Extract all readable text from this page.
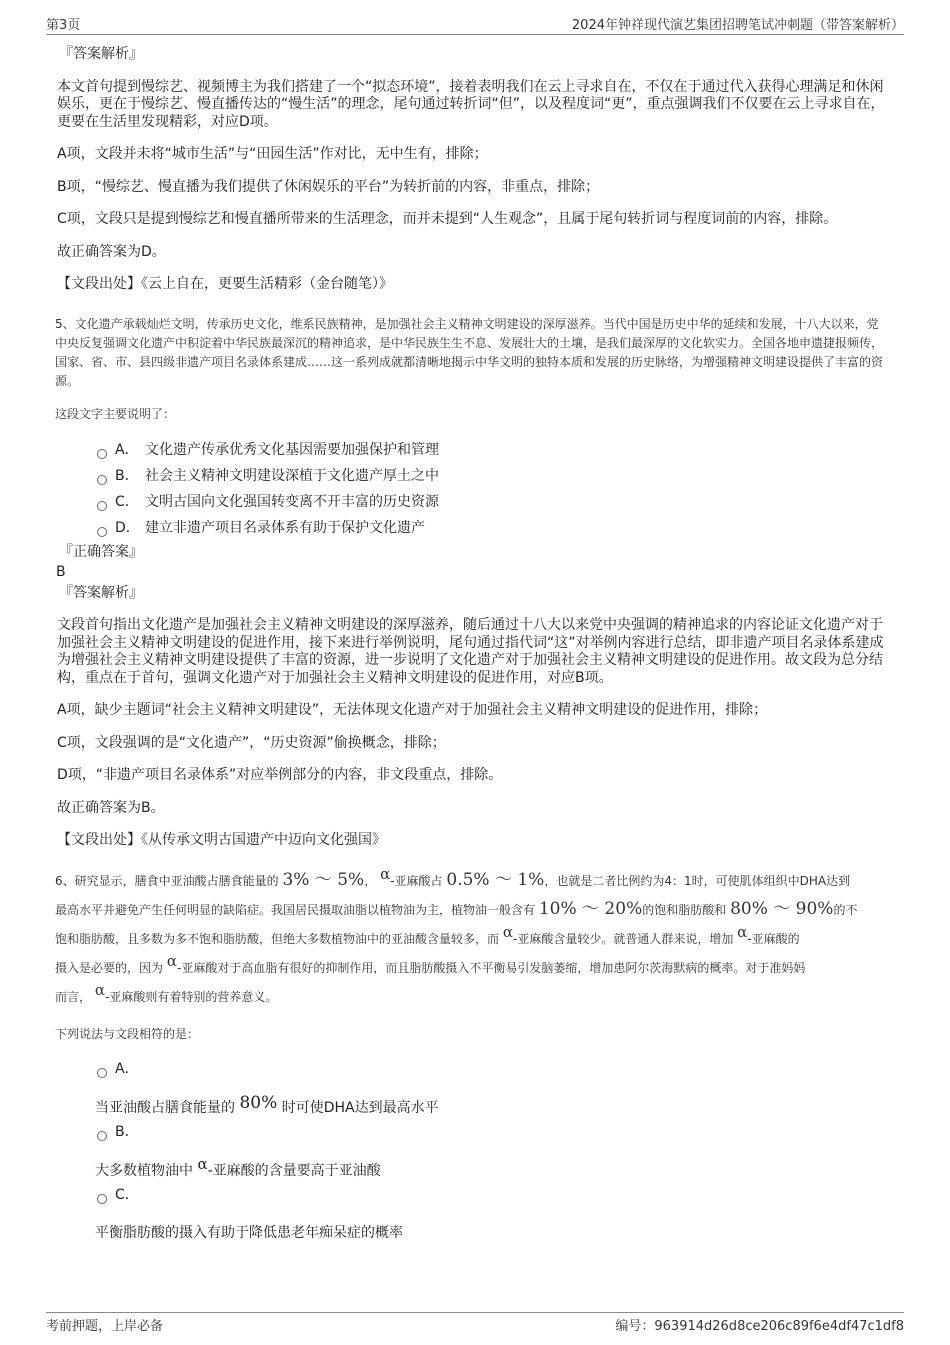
第3页	2024年钟祥现代演艺集团招聘笔试冲刺题（带答案解析）

『答案解析』

本文首句提到慢综艺、视频博主为我们搭建了一个“拟态环境”，接着表明我们在云上寻求自在，不仅在于通过代入获得心理满足和休闲娱乐，更在于慢综艺、慢直播传达的“慢生活”的理念，尾句通过转折词“但”，以及程度词“更”，重点强调我们不仅要在云上寻求自在，更要在生活里发现精彩，对应D项。

A项，文段并未将“城市生活”与“田园生活”作对比，无中生有，排除；

B项，“慢综艺、慢直播为我们提供了休闲娱乐的平台”为转折前的内容，非重点，排除；

C项，文段只是提到慢综艺和慢直播所带来的生活理念，而并未提到“人生观念”，且属于尾句转折词与程度词前的内容，排除。

故正确答案为D。

【文段出处】《云上自在，更要生活精彩（金台随笔）》

5、文化遗产承载灿烂文明，传承历史文化，维系民族精神，是加强社会主义精神文明建设的深厚滋养。当代中国是历史中华的延续和发展，十八大以来，党中央反复强调文化遗产中积淀着中华民族最深沉的精神追求，是中华民族生生不息、发展壮大的土壤，是我们最深厚的文化软实力。全国各地申遗捷报频传，国家、省、市、县四级非遗产项目名录体系建成……这一系列成就都清晰地揭示中华文明的独特本质和发展的历史脉络，为增强精神文明建设提供了丰富的资源。

这段文字主要说明了：

A． 文化遗产传承优秀文化基因需要加强保护和管理
B． 社会主义精神文明建设深植于文化遗产厚土之中
C． 文明古国向文化强国转变离不开丰富的历史资源
D． 建立非遗产项目名录体系有助于保护文化遗产

『正确答案』

B

『答案解析』

文段首句指出文化遗产是加强社会主义精神文明建设的深厚滋养，随后通过十八大以来党中央强调的精神追求的内容论证文化遗产对于加强社会主义精神文明建设的促进作用，接下来进行举例说明，尾句通过指代词“这”对举例内容进行总结，即非遗产项目名录体系建成为增强社会主义精神文明建设提供了丰富的资源，进一步说明了文化遗产对于加强社会主义精神文明建设的促进作用。故文段为总分结构，重点在于首句，强调文化遗产对于加强社会主义精神文明建设的促进作用，对应B项。

A项，缺少主题词“社会主义精神文明建设”，无法体现文化遗产对于加强社会主义精神文明建设的促进作用，排除；

C项，文段强调的是“文化遗产”，“历史资源”偷换概念，排除；

D项，“非遗产项目名录体系”对应举例部分的内容，非文段重点，排除。

故正确答案为B。

【文段出处】《从传承文明古国遗产中迈向文化强国》

6、研究显示，膳食中亚油酸占膳食能量的 3% ～ 5%， α-亚麻酸占 0.5% ～ 1%，也就是二者比例约为4：1时，可使肌体组织中DHA达到
最高水平并避免产生任何明显的缺陷症。我国居民摄取油脂以植物油为主，植物油一般含有 10% ～ 20%的饱和脂肪酸和 80% ～ 90%的不
饱和脂肪酸，且多数为多不饱和脂肪酸，但绝大多数植物油中的亚油酸含量较多，而 α-亚麻酸含量较少。就普通人群来说，增加 α-亚麻酸的
摄入是必要的，因为 α-亚麻酸对于高血脂有很好的抑制作用，而且脂肪酸摄入不平衡易引发脑萎缩，增加患阿尔茨海默病的概率。对于准妈妈
而言， α-亚麻酸则有着特别的营养意义。

下列说法与文段相符的是：

A．
当亚油酸占膳食能量的 80% 时可使DHA达到最高水平
B．
大多数植物油中 α-亚麻酸的含量要高于亚油酸
C．
平衡脂肪酸的摄入有助于降低患老年痴呆症的概率
考前押题，上岸必备	编号：963914d26d8ce206c89f6e4df47c1df8
